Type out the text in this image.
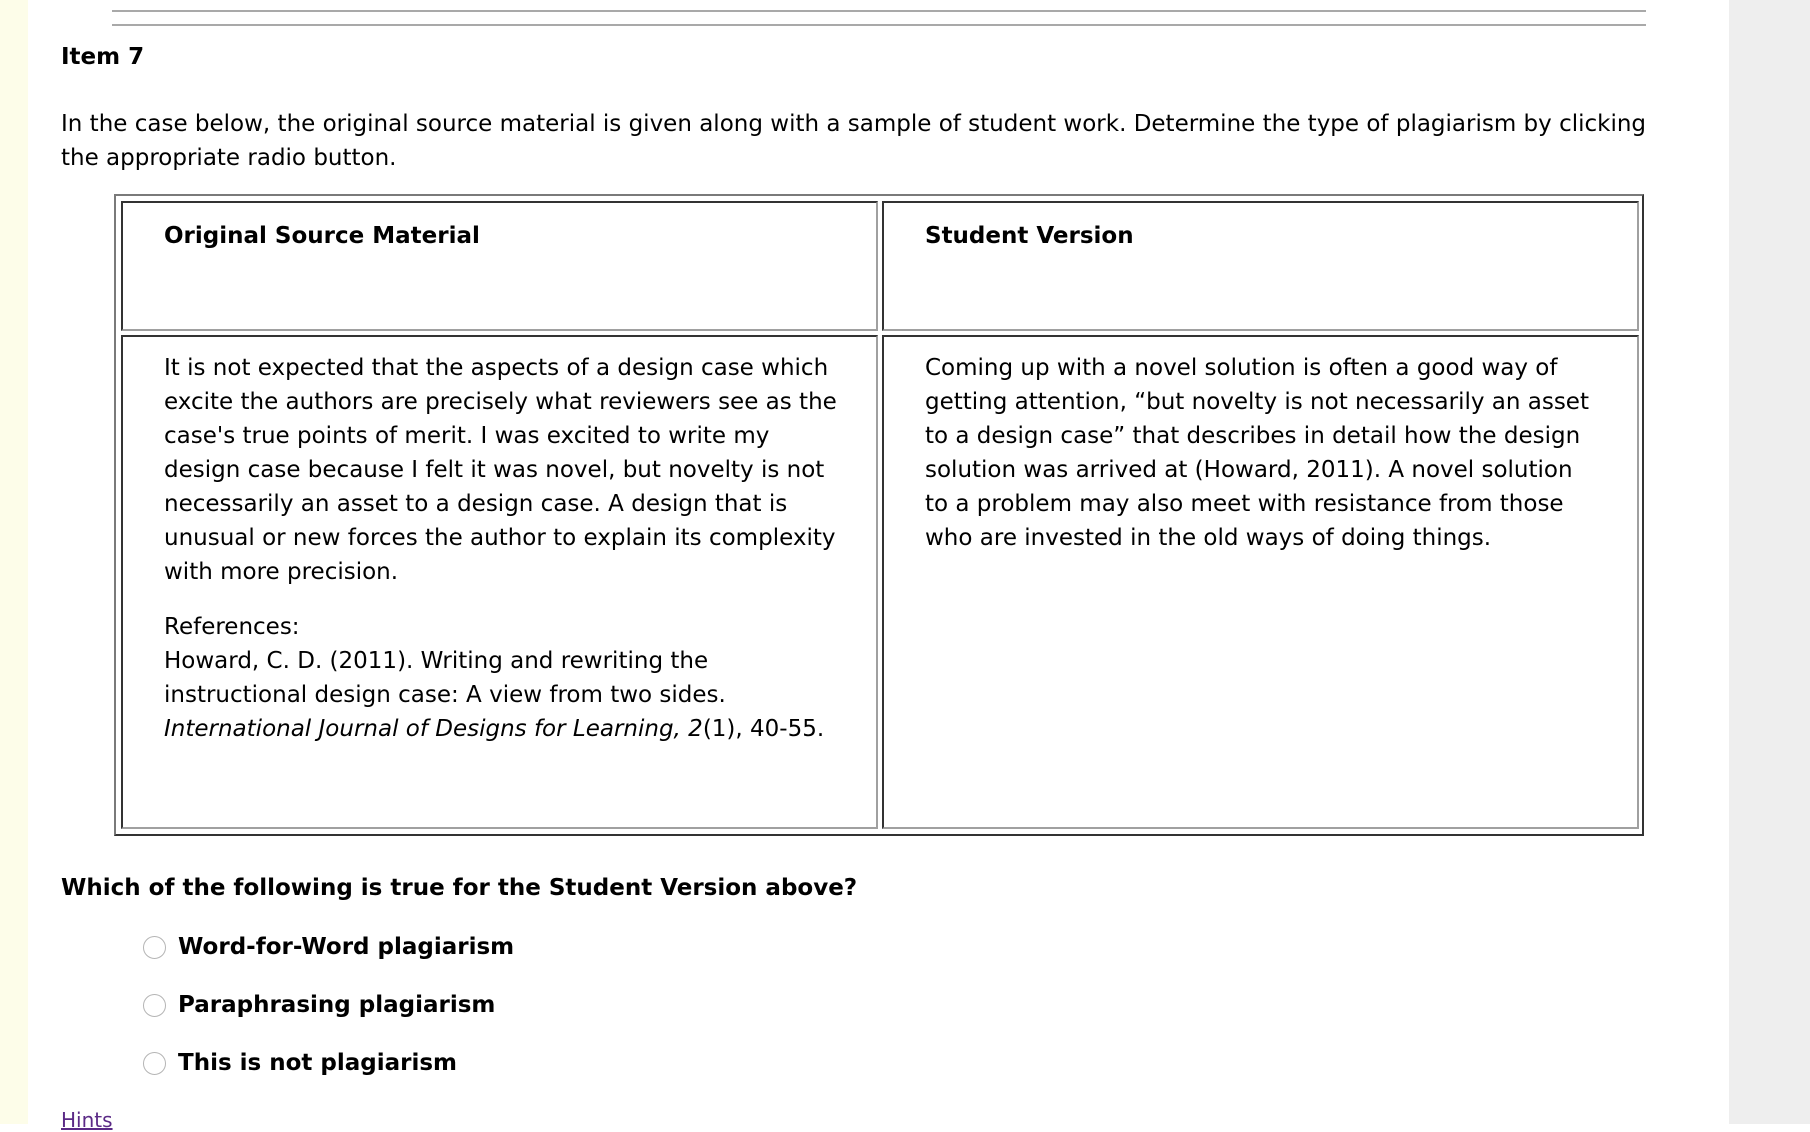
Item 7
In the case below, the original source material is given along with a sample of student work. Determine the type of plagiarism by clicking the appropriate radio button.
Original Source Material	Student Version

It is not expected that the aspects of a design case which excite the authors are precisely what reviewers see as the case's true points of merit. I was excited to write my design case because I felt it was novel, but novelty is not necessarily an asset to a design case. A design that is unusual or new forces the author to explain its complexity with more precision.

References:
Howard, C. D. (2011). Writing and rewriting the instructional design case: A view from two sides. International Journal of Designs for Learning, 2(1), 40-55.

Coming up with a novel solution is often a good way of getting attention, “but novelty is not necessarily an asset to a design case” that describes in detail how the design solution was arrived at (Howard, 2011). A novel solution to a problem may also meet with resistance from those who are invested in the old ways of doing things.
Which of the following is true for the Student Version above?
Word-for-Word plagiarism
Paraphrasing plagiarism
This is not plagiarism
Hints
